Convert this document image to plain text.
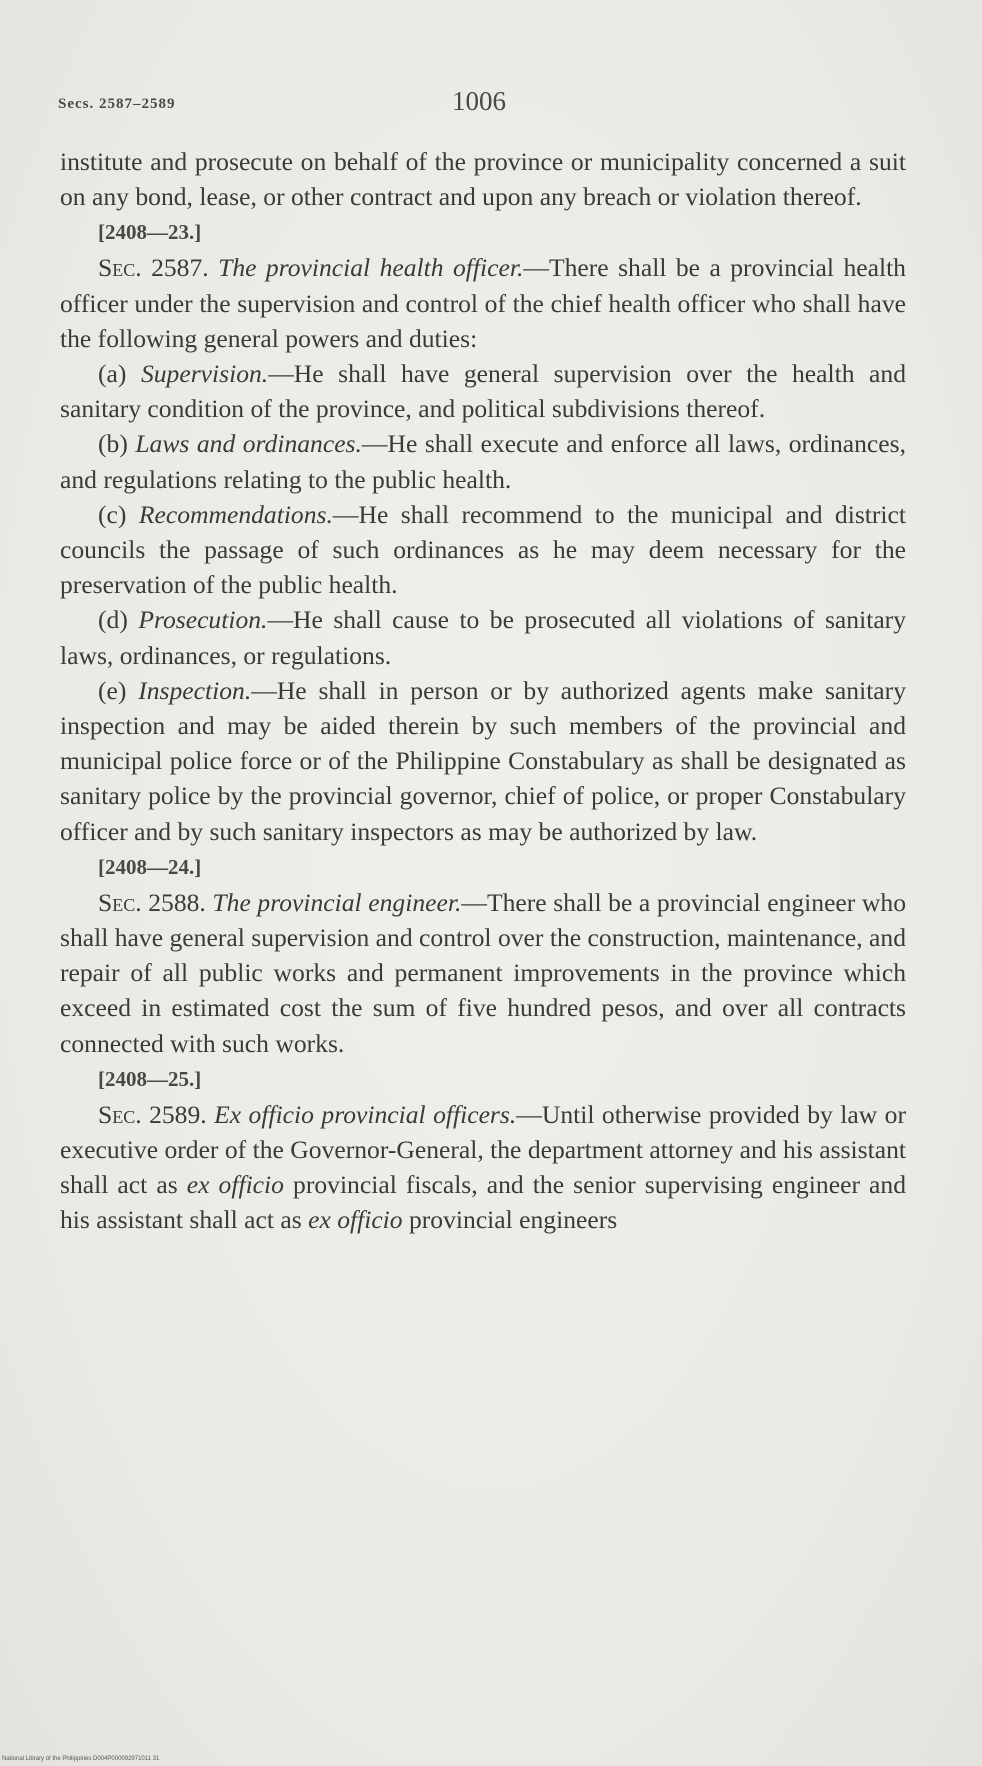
Secs. 2587–2589	1006

institute and prosecute on behalf of the province or municipality concerned a suit on any bond, lease, or other contract and upon any breach or violation thereof.

[2408—23.]

Sec. 2587. The provincial health officer.—There shall be a provincial health officer under the supervision and control of the chief health officer who shall have the following general powers and duties:

(a) Supervision.—He shall have general supervision over the health and sanitary condition of the province, and political subdivisions thereof.

(b) Laws and ordinances.—He shall execute and enforce all laws, ordinances, and regulations relating to the public health.

(c) Recommendations.—He shall recommend to the municipal and district councils the passage of such ordinances as he may deem necessary for the preservation of the public health.

(d) Prosecution.—He shall cause to be prosecuted all violations of sanitary laws, ordinances, or regulations.

(e) Inspection.—He shall in person or by authorized agents make sanitary inspection and may be aided therein by such members of the provincial and municipal police force or of the Philippine Constabulary as shall be designated as sanitary police by the provincial governor, chief of police, or proper Constabulary officer and by such sanitary inspectors as may be authorized by law.

[2408—24.]

Sec. 2588. The provincial engineer.—There shall be a provincial engineer who shall have general supervision and control over the construction, maintenance, and repair of all public works and permanent improvements in the province which exceed in estimated cost the sum of five hundred pesos, and over all contracts connected with such works.

[2408—25.]

Sec. 2589. Ex officio provincial officers.—Until otherwise provided by law or executive order of the Governor-General, the department attorney and his assistant shall act as ex officio provincial fiscals, and the senior supervising engineer and his assistant shall act as ex officio provincial engineers

National Library of the Philippines D004P000092971011 31
